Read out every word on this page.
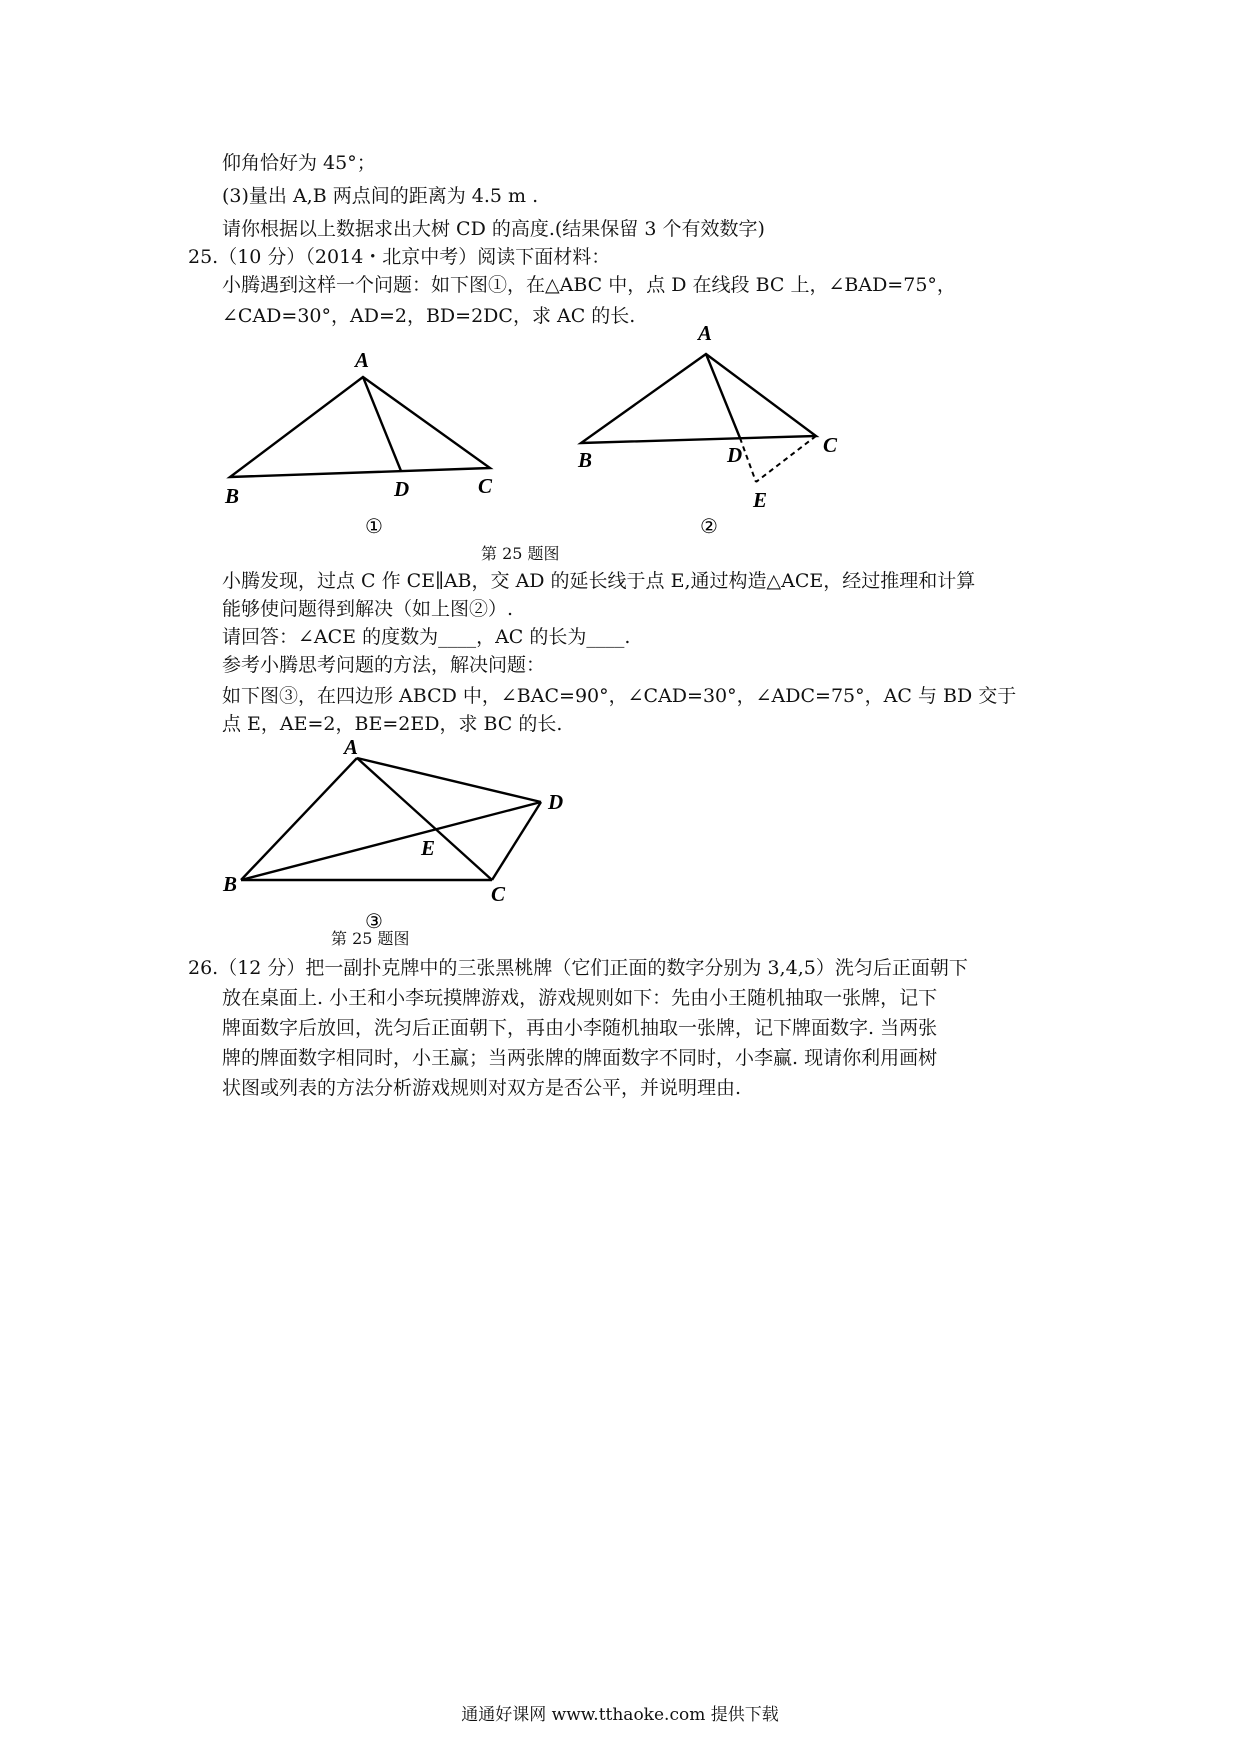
仰角恰好为 45°；
(3)量出 A,B 两点间的距离为 4.5 m .
请你根据以上数据求出大树 CD 的高度.(结果保留 3 个有效数字)
25.（10 分）（2014・北京中考）阅读下面材料：
小腾遇到这样一个问题：如下图①，在△ABC 中，点 D 在线段 BC 上，∠BAD=75°，
∠CAD=30°，AD=2，BD=2DC，求 AC 的长.
A
B	D	C
①
A
B	D	C
E
②
第 25 题图
小腾发现，过点 C 作 CE∥AB，交 AD 的延长线于点 E,通过构造△ACE，经过推理和计算
能够使问题得到解决（如上图②）.
请回答：∠ACE 的度数为____，AC 的长为____.
参考小腾思考问题的方法，解决问题：
如下图③，在四边形 ABCD 中，∠BAC=90°，∠CAD=30°，∠ADC=75°，AC 与 BD 交于
点 E，AE=2，BE=2ED，求 BC 的长.
A
B
E
C
D
③
第 25 题图
26.（12 分）把一副扑克牌中的三张黑桃牌（它们正面的数字分别为 3,4,5）洗匀后正面朝下
放在桌面上. 小王和小李玩摸牌游戏，游戏规则如下：先由小王随机抽取一张牌，记下
牌面数字后放回，洗匀后正面朝下，再由小李随机抽取一张牌，记下牌面数字. 当两张
牌的牌面数字相同时，小王赢；当两张牌的牌面数字不同时，小李赢. 现请你利用画树
状图或列表的方法分析游戏规则对双方是否公平，并说明理由.
通通好课网 www.tthaoke.com 提供下载
